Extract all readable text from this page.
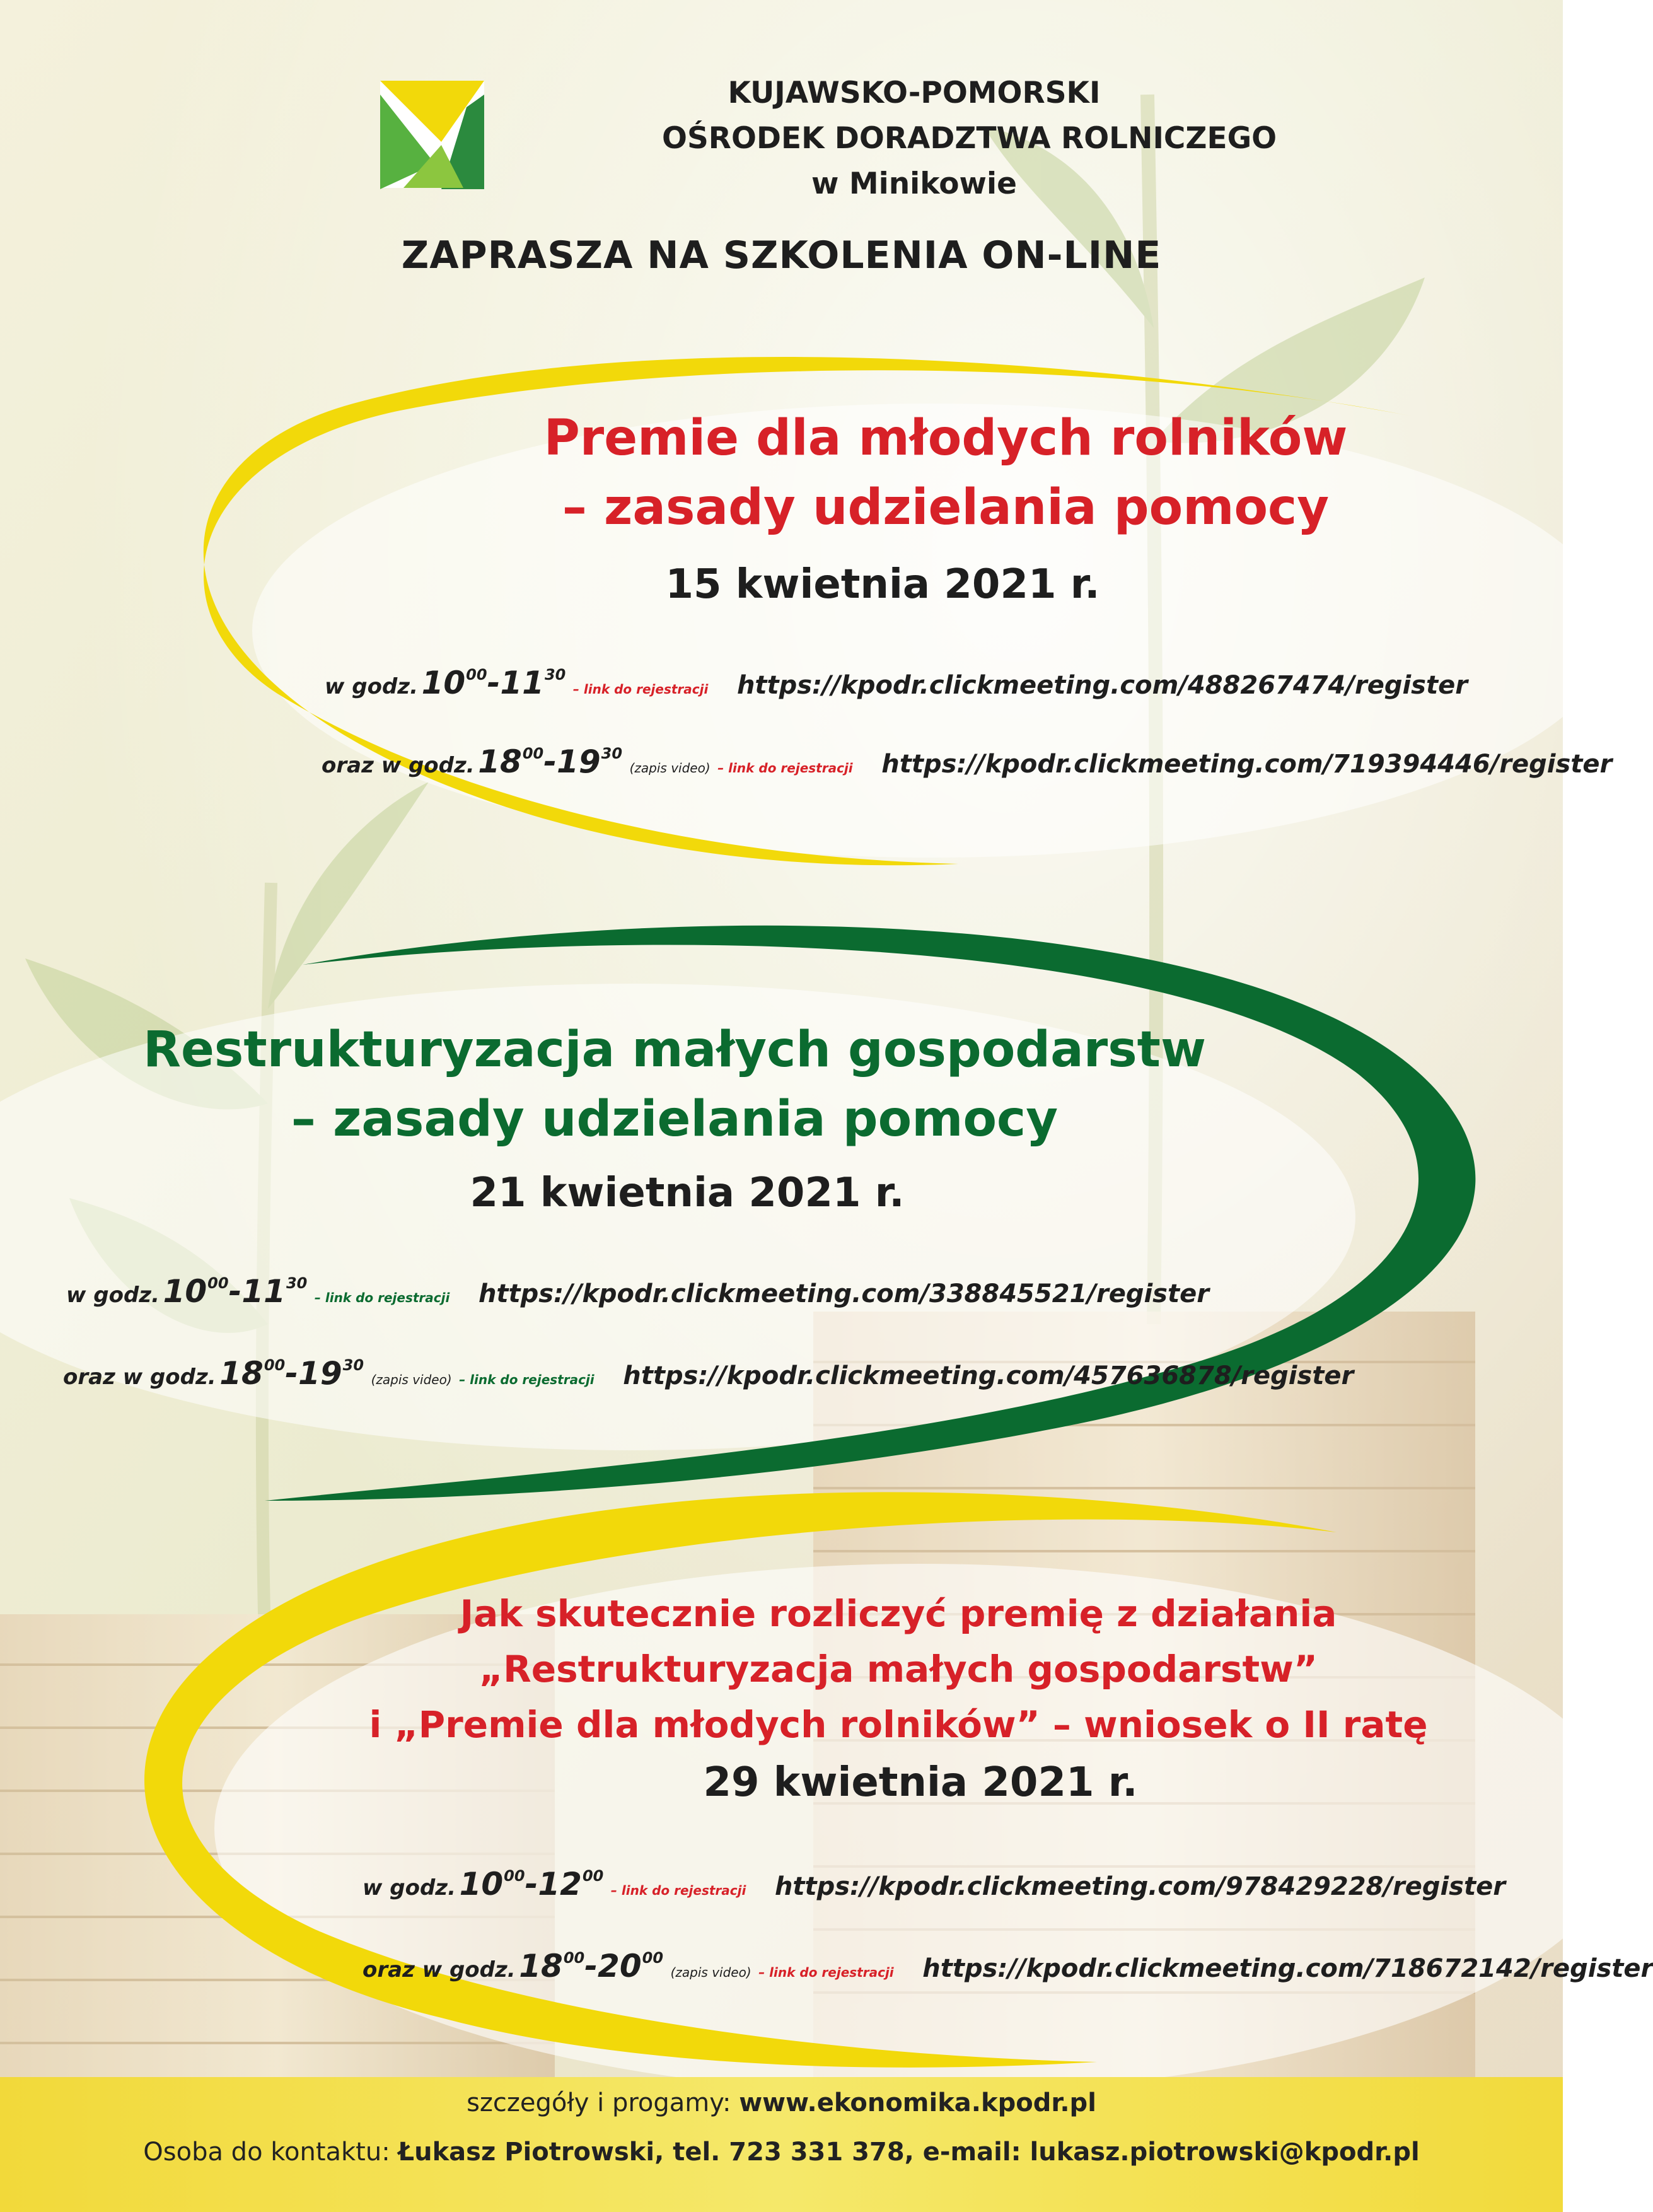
KUJAWSKO-POMORSKI
OŚRODEK DORADZTWA ROLNICZEGO
w Minikowie
ZAPRASZA NA SZKOLENIA ON-LINE
Premie dla młodych rolników
– zasady udzielania pomocy
15 kwietnia 2021 r.
w godz. $10^{00}-11^{30}$ – link do rejestracji https://kpodr.clickmeeting.com/488267474/register
oraz w godz. $18^{00}-19^{30}$ (zapis video) – link do rejestracji https://kpodr.clickmeeting.com/719394446/register
Restrukturyzacja małych gospodarstw
– zasady udzielania pomocy
21 kwietnia 2021 r.
w godz. $10^{00}-11^{30}$ – link do rejestracji https://kpodr.clickmeeting.com/338845521/register
oraz w godz. $18^{00}-19^{30}$ (zapis video) – link do rejestracji https://kpodr.clickmeeting.com/457636878/register
Jak skutecznie rozliczyć premię z działania
„Restrukturyzacja małych gospodarstw”
i „Premie dla młodych rolników” – wniosek o II ratę
29 kwietnia 2021 r.
w godz. $10^{00}-12^{00}$ – link do rejestracji https://kpodr.clickmeeting.com/978429228/register
oraz w godz. $18^{00}-20^{00}$ (zapis video) – link do rejestracji https://kpodr.clickmeeting.com/718672142/register
szczegóły i progamy: www.ekonomika.kpodr.pl
Osoba do kontaktu: Łukasz Piotrowski, tel. 723 331 378, e-mail: lukasz.piotrowski@kpodr.pl
